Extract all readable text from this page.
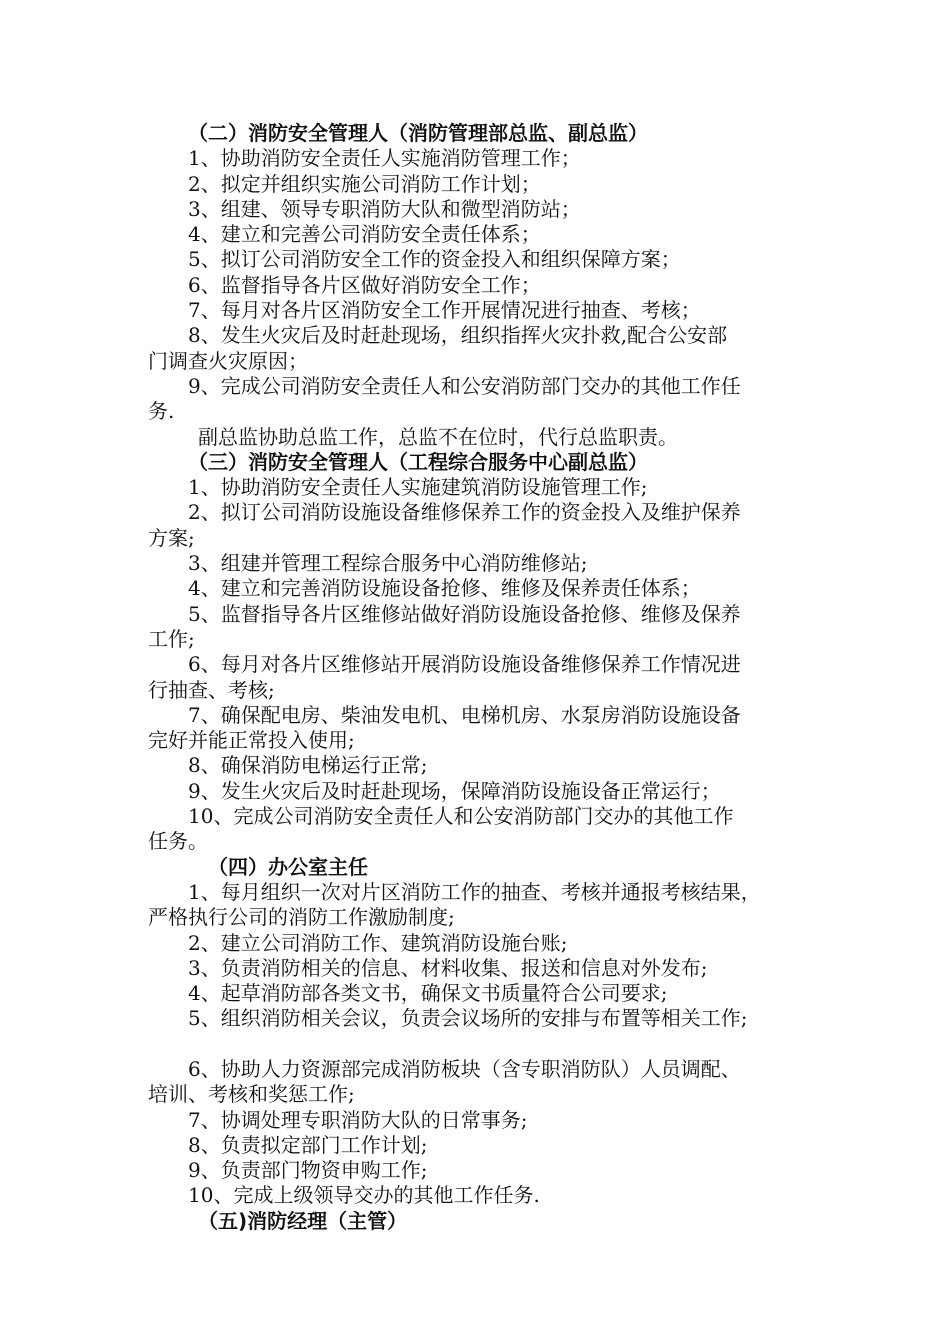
（二）消防安全管理人（消防管理部总监、副总监）
1、协助消防安全责任人实施消防管理工作；
2、拟定并组织实施公司消防工作计划；
3、组建、领导专职消防大队和微型消防站；
4、建立和完善公司消防安全责任体系；
5、拟订公司消防安全工作的资金投入和组织保障方案；
6、监督指导各片区做好消防安全工作；
7、每月对各片区消防安全工作开展情况进行抽查、考核；
8、发生火灾后及时赶赴现场，组织指挥火灾扑救,配合公安部
门调查火灾原因；
9、完成公司消防安全责任人和公安消防部门交办的其他工作任
务.
副总监协助总监工作，总监不在位时，代行总监职责。
（三）消防安全管理人（工程综合服务中心副总监）
1、协助消防安全责任人实施建筑消防设施管理工作;
2、拟订公司消防设施设备维修保养工作的资金投入及维护保养
方案;
3、组建并管理工程综合服务中心消防维修站;
4、建立和完善消防设施设备抢修、维修及保养责任体系；
5、监督指导各片区维修站做好消防设施设备抢修、维修及保养
工作;
6、每月对各片区维修站开展消防设施设备维修保养工作情况进
行抽查、考核;
7、确保配电房、柴油发电机、电梯机房、水泵房消防设施设备
完好并能正常投入使用;
8、确保消防电梯运行正常;
9、发生火灾后及时赶赴现场，保障消防设施设备正常运行；
10、完成公司消防安全责任人和公安消防部门交办的其他工作
任务。
（四）办公室主任
1、每月组织一次对片区消防工作的抽查、考核并通报考核结果，
严格执行公司的消防工作激励制度;
2、建立公司消防工作、建筑消防设施台账;
3、负责消防相关的信息、材料收集、报送和信息对外发布;
4、起草消防部各类文书，确保文书质量符合公司要求;
5、组织消防相关会议，负责会议场所的安排与布置等相关工作;
6、协助人力资源部完成消防板块（含专职消防队）人员调配、
培训、考核和奖惩工作;
7、协调处理专职消防大队的日常事务;
8、负责拟定部门工作计划;
9、负责部门物资申购工作;
10、完成上级领导交办的其他工作任务.
（五)消防经理（主管）
